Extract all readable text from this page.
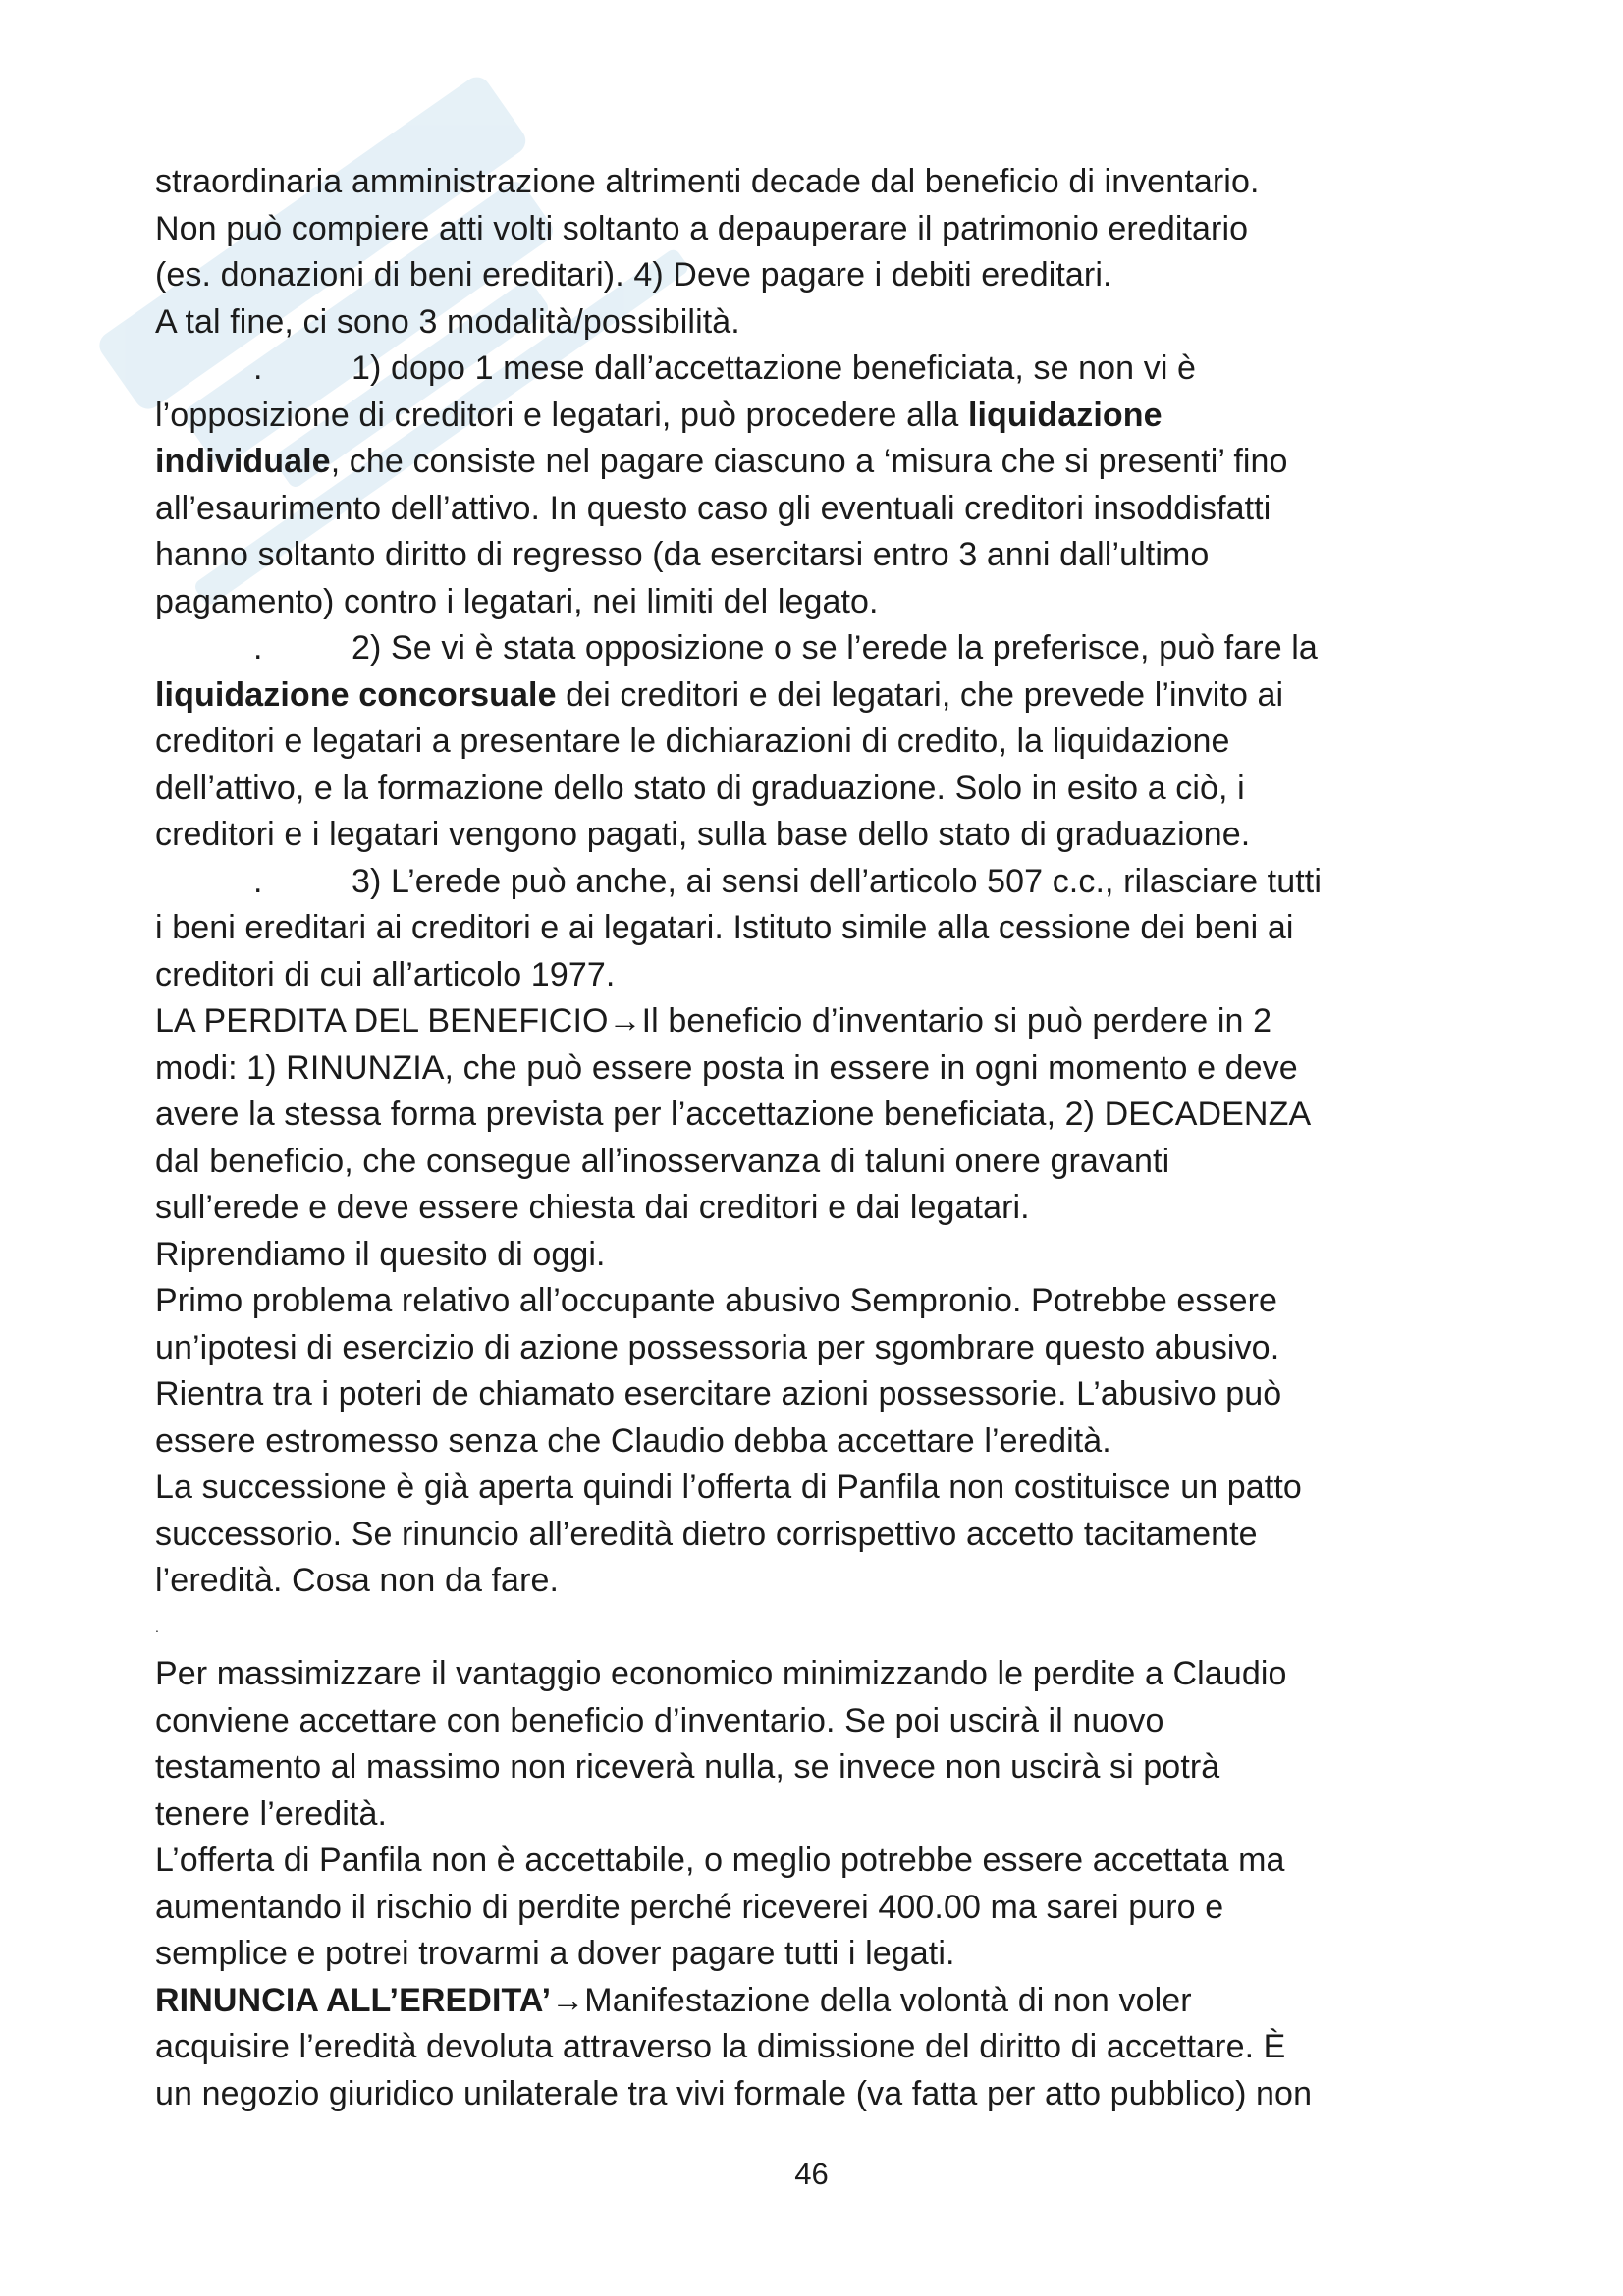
straordinaria amministrazione altrimenti decade dal beneficio di inventario.
Non può compiere atti volti soltanto a depauperare il patrimonio ereditario
(es. donazioni di beni ereditari). 4) Deve pagare i debiti ereditari.
A tal fine, ci sono 3 modalità/possibilità.
.	1) dopo 1 mese dall’accettazione beneficiata, se non vi è
l’opposizione di creditori e legatari, può procedere alla liquidazione
individuale, che consiste nel pagare ciascuno a ‘misura che si presenti’ fino
all’esaurimento dell’attivo. In questo caso gli eventuali creditori insoddisfatti
hanno soltanto diritto di regresso (da esercitarsi entro 3 anni dall’ultimo
pagamento) contro i legatari, nei limiti del legato.
.	2) Se vi è stata opposizione o se l’erede la preferisce, può fare la
liquidazione concorsuale dei creditori e dei legatari, che prevede l’invito ai
creditori e legatari a presentare le dichiarazioni di credito, la liquidazione
dell’attivo, e la formazione dello stato di graduazione. Solo in esito a ciò, i
creditori e i legatari vengono pagati, sulla base dello stato di graduazione.
.	3) L’erede può anche, ai sensi dell’articolo 507 c.c., rilasciare tutti
i beni ereditari ai creditori e ai legatari. Istituto simile alla cessione dei beni ai
creditori di cui all’articolo 1977.
LA PERDITA DEL BENEFICIO→Il beneficio d’inventario si può perdere in 2
modi: 1) RINUNZIA, che può essere posta in essere in ogni momento e deve
avere la stessa forma prevista per l’accettazione beneficiata, 2) DECADENZA
dal beneficio, che consegue all’inosservanza di taluni onere gravanti
sull’erede e deve essere chiesta dai creditori e dai legatari.
Riprendiamo il quesito di oggi.
Primo problema relativo all’occupante abusivo Sempronio. Potrebbe essere
un’ipotesi di esercizio di azione possessoria per sgombrare questo abusivo.
Rientra tra i poteri de chiamato esercitare azioni possessorie. L’abusivo può
essere estromesso senza che Claudio debba accettare l’eredità.
La successione è già aperta quindi l’offerta di Panfila non costituisce un patto
successorio. Se rinuncio all’eredità dietro corrispettivo accetto tacitamente
l’eredità. Cosa non da fare.
.
Per massimizzare il vantaggio economico minimizzando le perdite a Claudio
conviene accettare con beneficio d’inventario. Se poi uscirà il nuovo
testamento al massimo non riceverà nulla, se invece non uscirà si potrà
tenere l’eredità.
L’offerta di Panfila non è accettabile, o meglio potrebbe essere accettata ma
aumentando il rischio di perdite perché riceverei 400.00 ma sarei puro e
semplice e potrei trovarmi a dover pagare tutti i legati.
RINUNCIA ALL’EREDITA’→Manifestazione della volontà di non voler
acquisire l’eredità devoluta attraverso la dimissione del diritto di accettare. È
un negozio giuridico unilaterale tra vivi formale (va fatta per atto pubblico) non
46
